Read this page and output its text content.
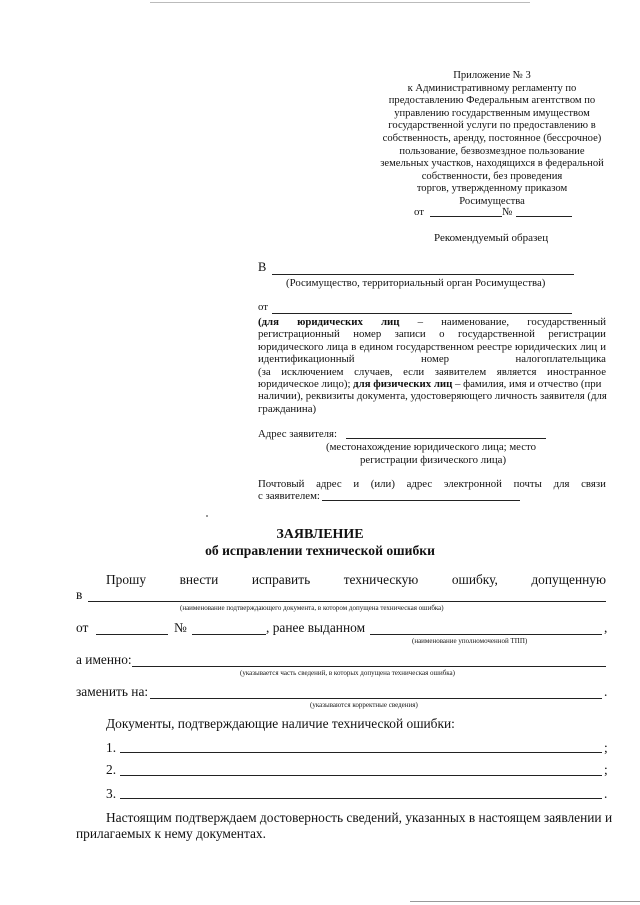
Приложение № 3
к Административному регламенту по
предоставлению Федеральным агентством по
управлению государственным имуществом
государственной услуги по предоставлению в
собственность, аренду, постоянное (бессрочное)
пользование, безвозмездное пользование
земельных участков, находящихся в федеральной
собственности, без проведения
торгов, утвержденному приказом
Росимущества
от	№
Рекомендуемый образец
В
(Росимущество, территориальный орган Росимущества)
от
(для юридических лиц – наименование, государственный
регистрационный номер записи о государственной регистрации
юридического лица в едином государственном реестре юридических лиц и
идентификационный	номер	налогоплательщика
(за исключением случаев, если заявителем является иностранное
юридическое лицо); для физических лиц – фамилия, имя и отчество (при
наличии), реквизиты документа, удостоверяющего личность заявителя (для
гражданина)
Адрес заявителя:
(местонахождение юридического лица; место
регистрации физического лица)
Почтовый адрес и (или) адрес электронной почты для связи
с заявителем:
ЗАЯВЛЕНИЕ
об исправлении технической ошибки
Прошу	внести	исправить	техническую	ошибку,	допущенную
в
(наименование подтверждающего документа, в котором допущена техническая ошибка)
от	№	, ранее выданном	,
(наименование уполномоченной ТПП)
а именно:
(указывается часть сведений, в которых допущена техническая ошибка)
заменить на:	.
(указываются корректные сведения)
Документы, подтверждающие наличие технической ошибки:
1.	;
2.	;
3.	.
Настоящим подтверждаем достоверность сведений, указанных в настоящем заявлении и
прилагаемых к нему документах.
